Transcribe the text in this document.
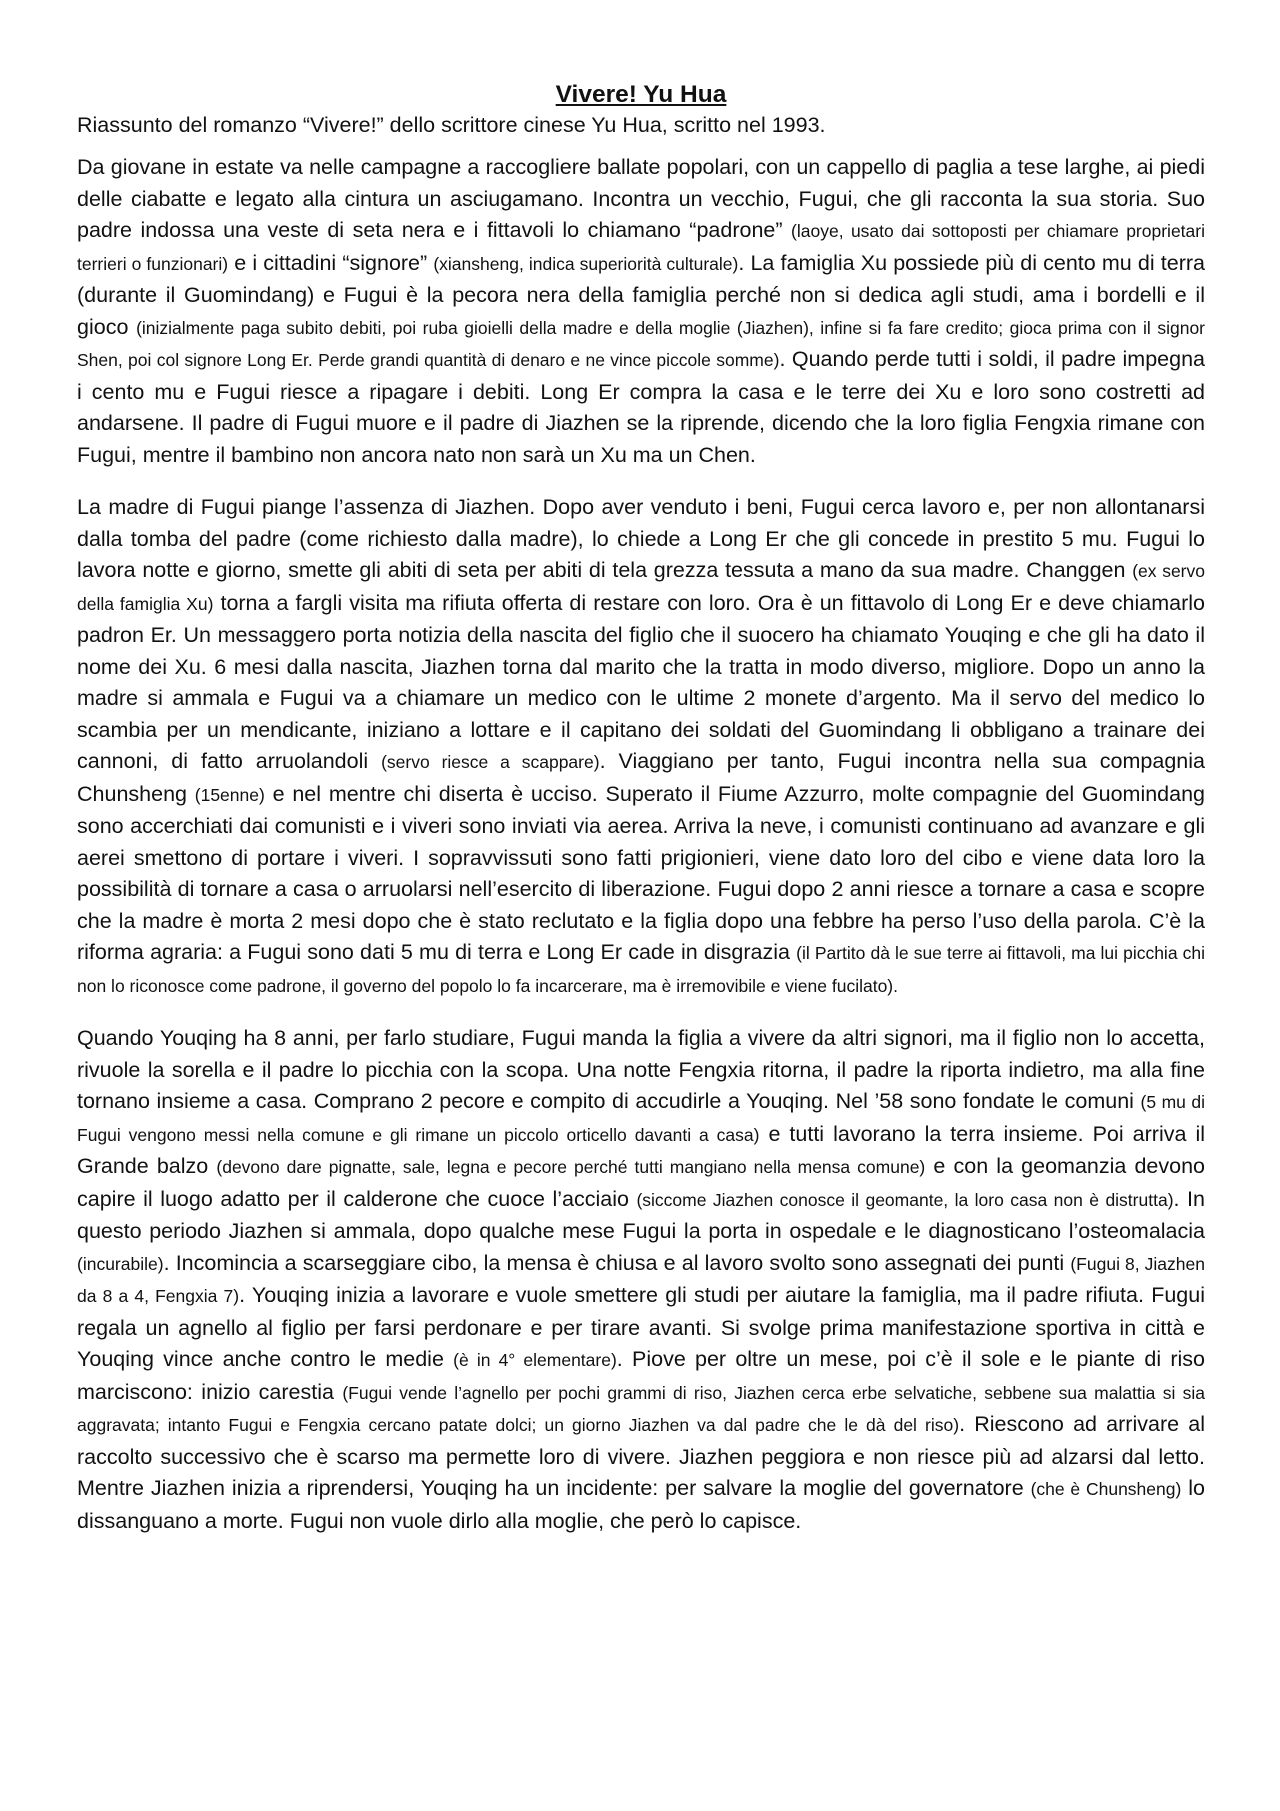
Vivere! Yu Hua

Riassunto del romanzo “Vivere!” dello scrittore cinese Yu Hua, scritto nel 1993.

Da giovane in estate va nelle campagne a raccogliere ballate popolari, con un cappello di paglia a tese larghe, ai piedi delle ciabatte e legato alla cintura un asciugamano. Incontra un vecchio, Fugui, che gli racconta la sua storia. Suo padre indossa una veste di seta nera e i fittavoli lo chiamano “padrone” (laoye, usato dai sottoposti per chiamare proprietari terrieri o funzionari) e i cittadini “signore” (xiansheng, indica superiorità culturale). La famiglia Xu possiede più di cento mu di terra (durante il Guomindang) e Fugui è la pecora nera della famiglia perché non si dedica agli studi, ama i bordelli e il gioco (inizialmente paga subito debiti, poi ruba gioielli della madre e della moglie (Jiazhen), infine si fa fare credito; gioca prima con il signor Shen, poi col signore Long Er. Perde grandi quantità di denaro e ne vince piccole somme). Quando perde tutti i soldi, il padre impegna i cento mu e Fugui riesce a ripagare i debiti. Long Er compra la casa e le terre dei Xu e loro sono costretti ad andarsene. Il padre di Fugui muore e il padre di Jiazhen se la riprende, dicendo che la loro figlia Fengxia rimane con Fugui, mentre il bambino non ancora nato non sarà un Xu ma un Chen.

La madre di Fugui piange l’assenza di Jiazhen. Dopo aver venduto i beni, Fugui cerca lavoro e, per non allontanarsi dalla tomba del padre (come richiesto dalla madre), lo chiede a Long Er che gli concede in prestito 5 mu. Fugui lo lavora notte e giorno, smette gli abiti di seta per abiti di tela grezza tessuta a mano da sua madre. Changgen (ex servo della famiglia Xu) torna a fargli visita ma rifiuta offerta di restare con loro. Ora è un fittavolo di Long Er e deve chiamarlo padron Er. Un messaggero porta notizia della nascita del figlio che il suocero ha chiamato Youqing e che gli ha dato il nome dei Xu. 6 mesi dalla nascita, Jiazhen torna dal marito che la tratta in modo diverso, migliore. Dopo un anno la madre si ammala e Fugui va a chiamare un medico con le ultime 2 monete d’argento. Ma il servo del medico lo scambia per un mendicante, iniziano a lottare e il capitano dei soldati del Guomindang li obbligano a trainare dei cannoni, di fatto arruolandoli (servo riesce a scappare). Viaggiano per tanto, Fugui incontra nella sua compagnia Chunsheng (15enne) e nel mentre chi diserta è ucciso. Superato il Fiume Azzurro, molte compagnie del Guomindang sono accerchiati dai comunisti e i viveri sono inviati via aerea. Arriva la neve, i comunisti continuano ad avanzare e gli aerei smettono di portare i viveri. I sopravvissuti sono fatti prigionieri, viene dato loro del cibo e viene data loro la possibilità di tornare a casa o arruolarsi nell’esercito di liberazione. Fugui dopo 2 anni riesce a tornare a casa e scopre che la madre è morta 2 mesi dopo che è stato reclutato e la figlia dopo una febbre ha perso l’uso della parola. C’è la riforma agraria: a Fugui sono dati 5 mu di terra e Long Er cade in disgrazia (il Partito dà le sue terre ai fittavoli, ma lui picchia chi non lo riconosce come padrone, il governo del popolo lo fa incarcerare, ma è irremovibile e viene fucilato).

Quando Youqing ha 8 anni, per farlo studiare, Fugui manda la figlia a vivere da altri signori, ma il figlio non lo accetta, rivuole la sorella e il padre lo picchia con la scopa. Una notte Fengxia ritorna, il padre la riporta indietro, ma alla fine tornano insieme a casa. Comprano 2 pecore e compito di accudirle a Youqing. Nel ’58 sono fondate le comuni (5 mu di Fugui vengono messi nella comune e gli rimane un piccolo orticello davanti a casa) e tutti lavorano la terra insieme. Poi arriva il Grande balzo (devono dare pignatte, sale, legna e pecore perché tutti mangiano nella mensa comune) e con la geomanzia devono capire il luogo adatto per il calderone che cuoce l’acciaio (siccome Jiazhen conosce il geomante, la loro casa non è distrutta). In questo periodo Jiazhen si ammala, dopo qualche mese Fugui la porta in ospedale e le diagnosticano l’osteomalacia (incurabile). Incomincia a scarseggiare cibo, la mensa è chiusa e al lavoro svolto sono assegnati dei punti (Fugui 8, Jiazhen da 8 a 4, Fengxia 7). Youqing inizia a lavorare e vuole smettere gli studi per aiutare la famiglia, ma il padre rifiuta. Fugui regala un agnello al figlio per farsi perdonare e per tirare avanti. Si svolge prima manifestazione sportiva in città e Youqing vince anche contro le medie (è in 4° elementare). Piove per oltre un mese, poi c’è il sole e le piante di riso marciscono: inizio carestia (Fugui vende l’agnello per pochi grammi di riso, Jiazhen cerca erbe selvatiche, sebbene sua malattia si sia aggravata; intanto Fugui e Fengxia cercano patate dolci; un giorno Jiazhen va dal padre che le dà del riso). Riescono ad arrivare al raccolto successivo che è scarso ma permette loro di vivere. Jiazhen peggiora e non riesce più ad alzarsi dal letto. Mentre Jiazhen inizia a riprendersi, Youqing ha un incidente: per salvare la moglie del governatore (che è Chunsheng) lo dissanguano a morte. Fugui non vuole dirlo alla moglie, che però lo capisce.
